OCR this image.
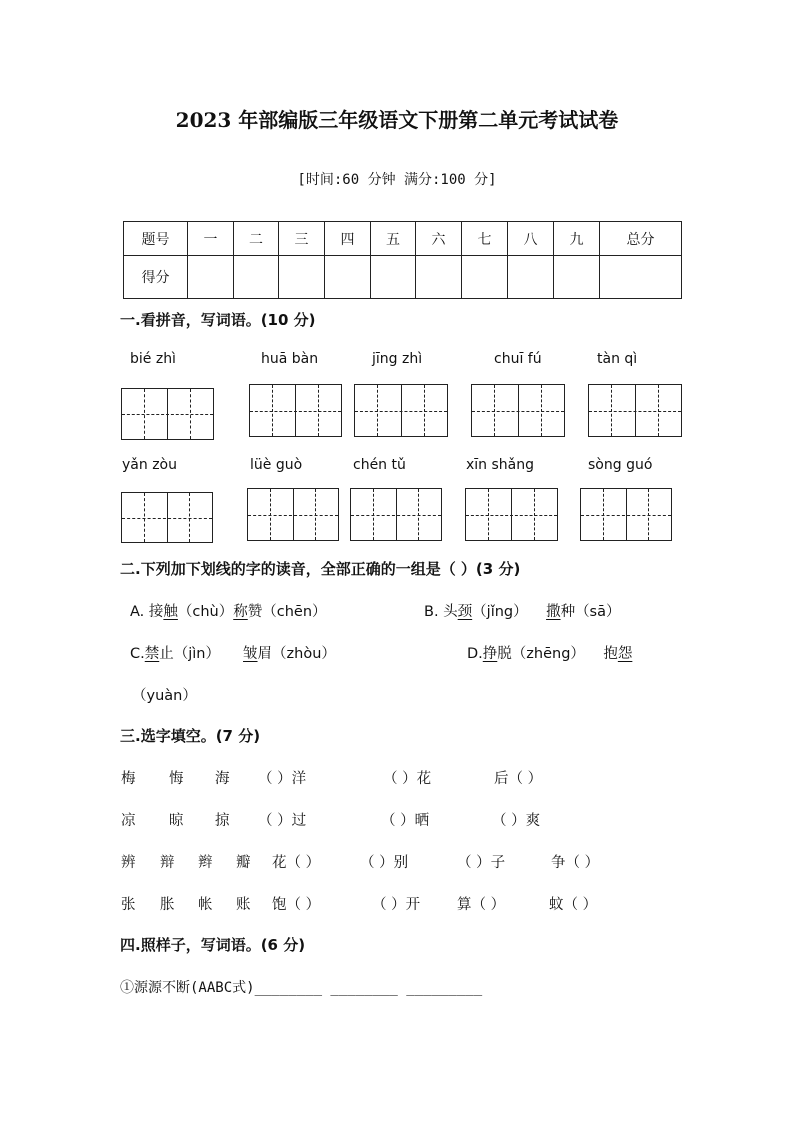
2023 年部编版三年级语文下册第二单元考试试卷
[时间:60 分钟 满分:100 分]
题号	一	二	三	四	五	六	七	八	九	总分
得分										
一.看拼音，写词语。(10 分)
bié zhì	huā bàn	jīng zhì	chuī fú	tàn qì
yǎn zòu	lüè guò	chén tǔ	xīn shǎng	sòng guó
二.下列加下划线的字的读音，全部正确的一组是（ ）(3 分)
A. 接触（chù）称赞（chēn）	B. 头颈（jǐng） 撒种（sā）
C.禁止（jìn） 皱眉（zhòu）	D.挣脱（zhēng） 抱怨
（yuàn）
三.选字填空。(7 分)
梅 悔 海 （ ）洋	（ ）花	后（ ）
凉 晾 掠 （ ）过	（ ）晒	（ ）爽
辨 辩 辫 瓣 花（ ）	（ ）别	（ ）子	争（ ）
张 胀 帐 账 饱（ ）	（ ）开	算（ ）	蚊（ ）
四.照样子，写词语。(6 分)
①源源不断(AABC式)________ ________ _________
